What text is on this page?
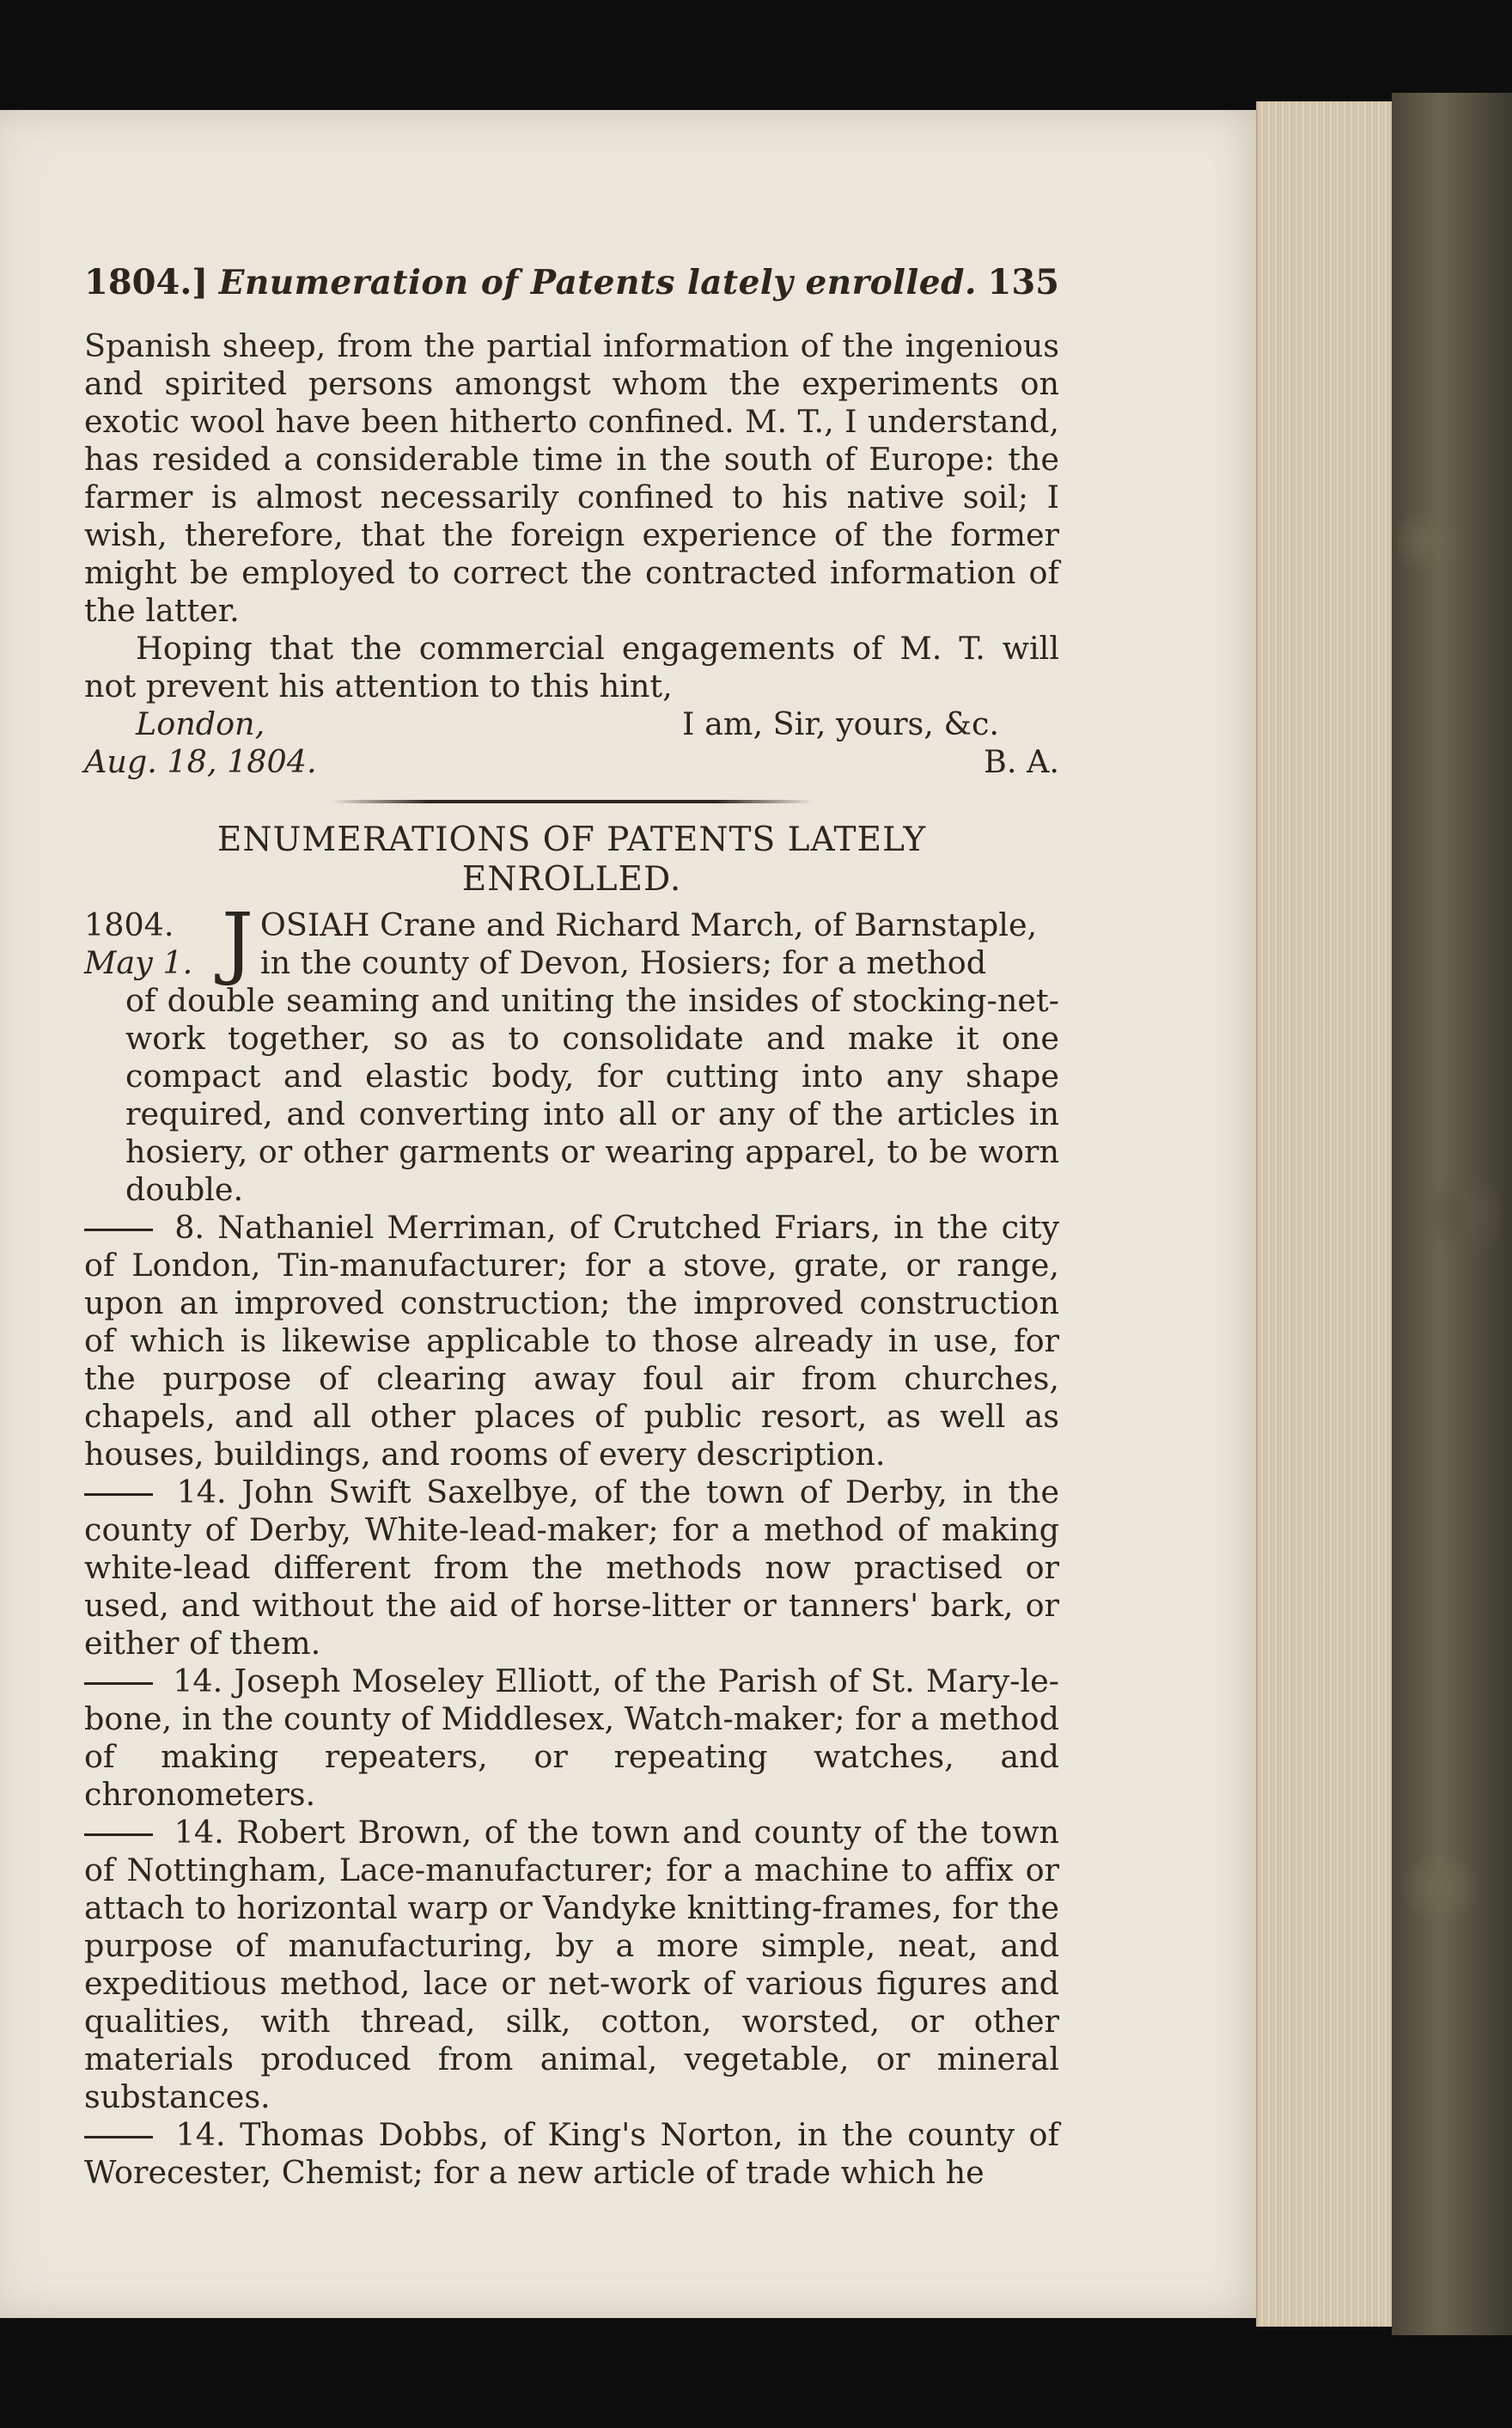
1804.] Enumeration of Patents lately enrolled. 135

Spanish sheep, from the partial information of the ingenious and spirited persons amongst whom the experiments on exotic wool have been hitherto confined. M. T., I understand, has resided a considerable time in the south of Europe: the farmer is almost necessarily confined to his native soil; I wish, therefore, that the foreign experience of the former might be employed to correct the contracted information of the latter.

Hoping that the commercial engagements of M. T. will not prevent his attention to this hint,

London,	I am, Sir, yours, &c.
Aug. 18, 1804.	B. A.
ENUMERATIONS OF PATENTS LATELY
ENROLLED.
1804.
May 1. J OSIAH Crane and Richard March, of Barnstaple,
in the county of Devon, Hosiers; for a method
of double seaming and uniting the insides of stocking-net-work together, so as to consolidate and make it one compact and elastic body, for cutting into any shape required, and converting into all or any of the articles in hosiery, or other garments or wearing apparel, to be worn double.

8. Nathaniel Merriman, of Crutched Friars, in the city of London, Tin-manufacturer; for a stove, grate, or range, upon an improved construction; the improved construction of which is likewise applicable to those already in use, for the purpose of clearing away foul air from churches, chapels, and all other places of public resort, as well as houses, buildings, and rooms of every description.

14. John Swift Saxelbye, of the town of Derby, in the county of Derby, White-lead-maker; for a method of making white-lead different from the methods now practised or used, and without the aid of horse-litter or tanners' bark, or either of them.

14. Joseph Moseley Elliott, of the Parish of St. Mary-le-bone, in the county of Middlesex, Watch-maker; for a method of making repeaters, or repeating watches, and chronometers.

14. Robert Brown, of the town and county of the town of Nottingham, Lace-manufacturer; for a machine to affix or attach to horizontal warp or Vandyke knitting-frames, for the purpose of manufacturing, by a more simple, neat, and expeditious method, lace or net-work of various figures and qualities, with thread, silk, cotton, worsted, or other materials produced from animal, vegetable, or mineral substances.

14. Thomas Dobbs, of King's Norton, in the county of Worecester, Chemist; for a new article of trade which he
